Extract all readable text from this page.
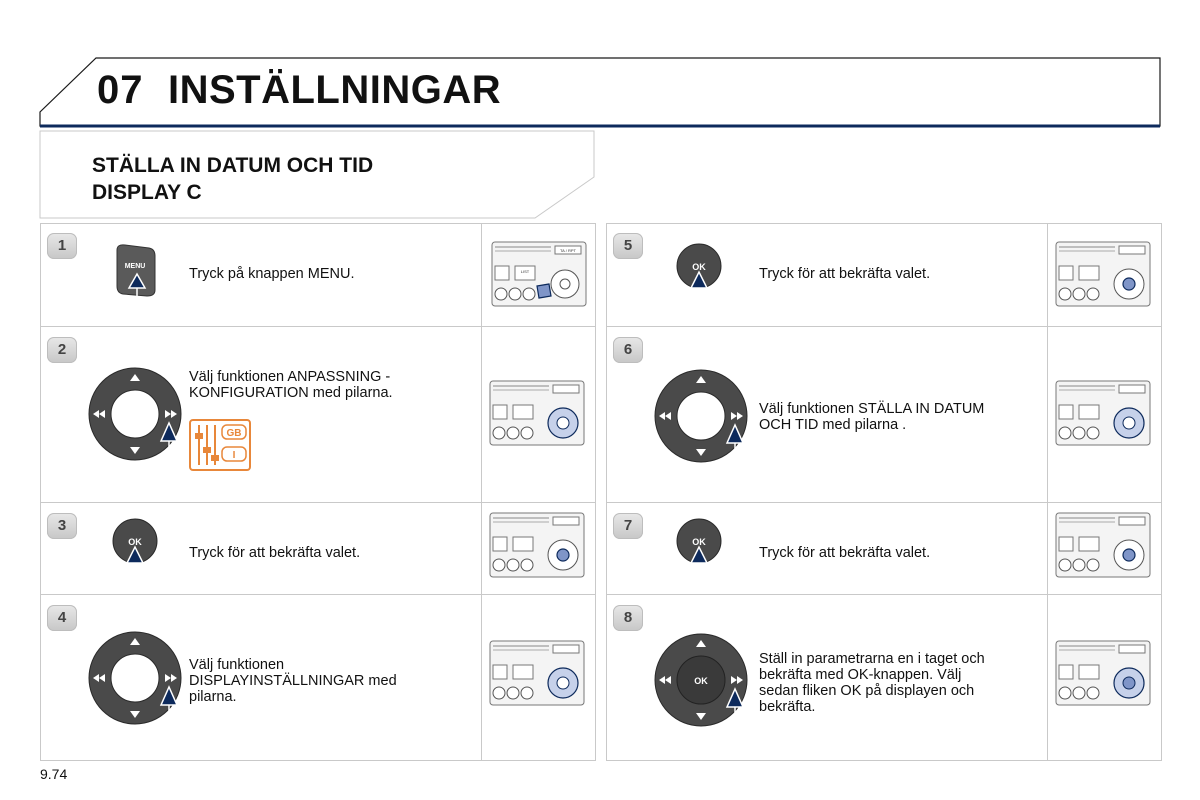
07 INSTÄLLNINGAR
STÄLLA IN DATUM OCH TID
DISPLAY C
1
MENU	Tryck på knappen MENU.
TA / RPT
LIST
2
GB
I
Välj funktionen ANPASSNING -
KONFIGURATION med pilarna.
3
OK
Tryck för att bekräfta valet.
4
Välj funktionen
DISPLAYINSTÄLLNINGAR med
pilarna.
5
OK	Tryck för att bekräfta valet.
6
Välj funktionen STÄLLA IN DATUM
OCH TID med pilarna .
7
OK
Tryck för att bekräfta valet.
8
OK
Ställ in parametrarna en i taget och
bekräfta med OK-knappen. Välj
sedan fliken OK på displayen och
bekräfta.
9.74
